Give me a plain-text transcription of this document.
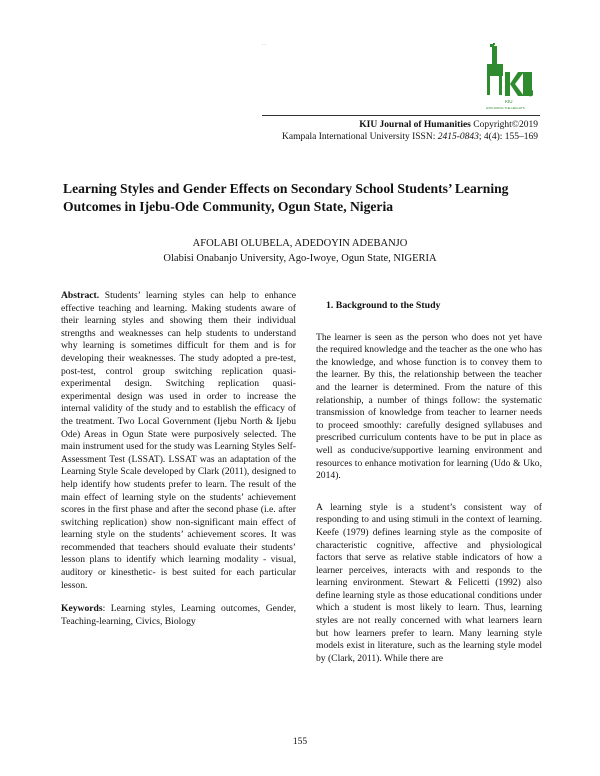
. .
KIU
EXPLORING THE HEIGHTS
KIU Journal of Humanities Copyright©2019
Kampala International University ISSN: 2415-0843; 4(4): 155–169
Learning Styles and Gender Effects on Secondary School Students’ Learning Outcomes in Ijebu-Ode Community, Ogun State, Nigeria
AFOLABI OLUBELA, ADEDOYIN ADEBANJO
Olabisi Onabanjo University, Ago-Iwoye, Ogun State, NIGERIA

Abstract. Students’ learning styles can help to enhance effective teaching and learning. Making students aware of their learning styles and showing them their individual strengths and weaknesses can help students to understand why learning is sometimes difficult for them and is for developing their weaknesses. The study adopted a pre-test, post-test, control group switching replication quasi-experimental design. Switching replication quasi-experimental design was used in order to increase the internal validity of the study and to establish the efficacy of the treatment. Two Local Government (Ijebu North & Ijebu Ode) Areas in Ogun State were purposively selected. The main instrument used for the study was Learning Styles Self-Assessment Test (LSSAT). LSSAT was an adaptation of the Learning Style Scale developed by Clark (2011), designed to help identify how students prefer to learn. The result of the main effect of learning style on the students’ achievement scores in the first phase and after the second phase (i.e. after switching replication) show non-significant main effect of learning style on the students’ achievement scores. It was recommended that teachers should evaluate their students’ lesson plans to identify which learning modality - visual, auditory or kinesthetic- is best suited for each particular lesson.

Keywords: Learning styles, Learning outcomes, Gender, Teaching-learning, Civics, Biology

1. Background to the Study

The learner is seen as the person who does not yet have the required knowledge and the teacher as the one who has the knowledge, and whose function is to convey them to the learner. By this, the relationship between the teacher and the learner is determined. From the nature of this relationship, a number of things follow: the systematic transmission of knowledge from teacher to learner needs to proceed smoothly: carefully designed syllabuses and prescribed curriculum contents have to be put in place as well as conducive/supportive learning environment and resources to enhance motivation for learning (Udo & Uko, 2014).

A learning style is a student’s consistent way of responding to and using stimuli in the context of learning. Keefe (1979) defines learning style as the composite of characteristic cognitive, affective and physiological factors that serve as relative stable indicators of how a learner perceives, interacts with and responds to the learning environment. Stewart & Felicetti (1992) also define learning style as those educational conditions under which a student is most likely to learn. Thus, learning styles are not really concerned with what learners learn but how learners prefer to learn. Many learning style models exist in literature, such as the learning style model by (Clark, 2011). While there are

155
